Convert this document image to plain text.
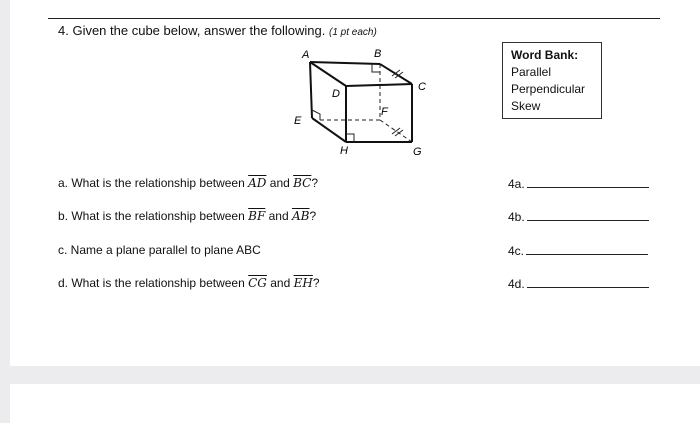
4. Given the cube below, answer the following. (1 pt each)
A	B
C
D
E
F
G
H
Word Bank:
Parallel
Perpendicular
Skew
a. What is the relationship between $\overline{AD}$ and $\overline{BC}$?	4a.
b. What is the relationship between $\overline{BF}$ and $\overline{AB}$?	4b.
c. Name a plane parallel to plane ABC	4c.
d. What is the relationship between $\overline{CG}$ and $\overline{EH}$?	4d.
